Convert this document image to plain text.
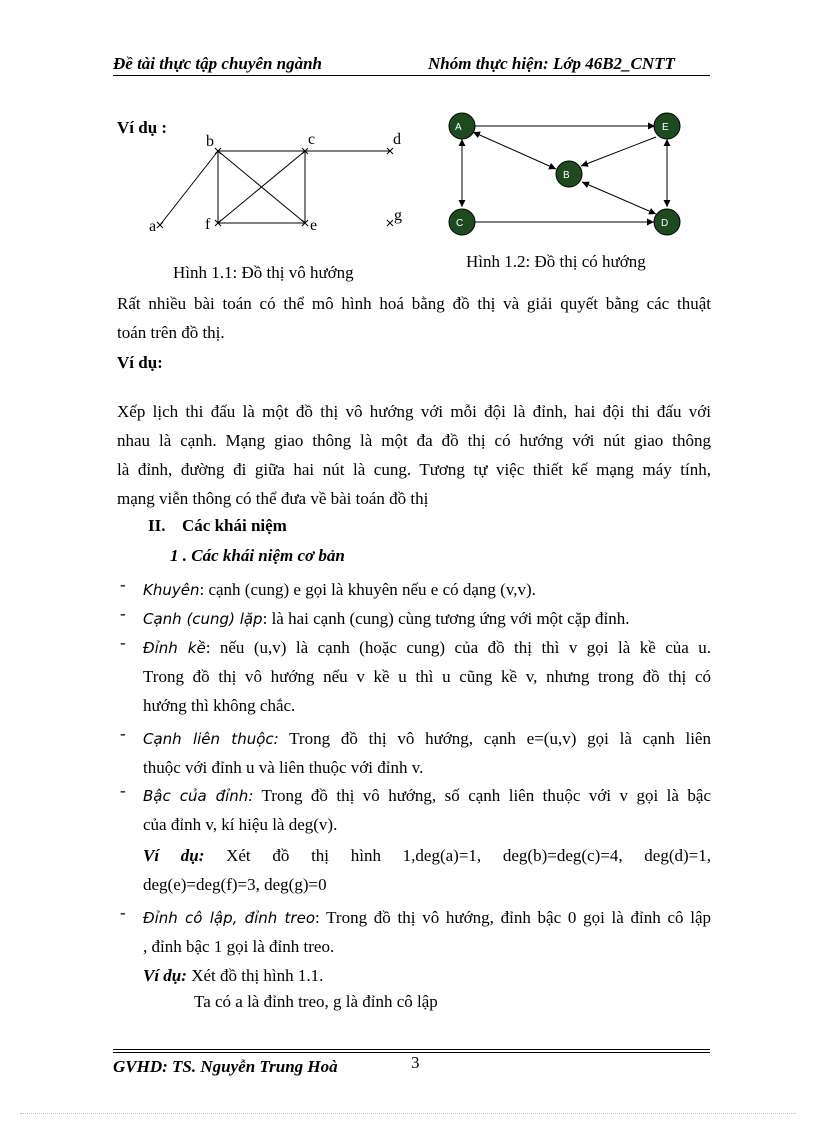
Đề tài thực tập chuyên ngành	Nhóm thực hiện: Lớp 46B2_CNTT
Ví dụ :
b	c	d
a	f	e
g
Hình 1.1: Đồ thị vô hướng
A	E
B
C	D
Hình 1.2: Đồ thị có hướng
Rất nhiều bài toán có thể mô hình hoá bằng đồ thị và giải quyết bằng các thuật
toán trên đồ thị.
Ví dụ:
Xếp lịch thi đấu là một đồ thị vô hướng với mỗi đội là đỉnh, hai đội thi đấu với
nhau là cạnh. Mạng giao thông là một đa đồ thị có hướng với nút giao thông
là đỉnh, đường đi giữa hai nút là cung. Tương tự việc thiết kế mạng máy tính,
mạng viễn thông có thể đưa về bài toán đồ thị
II. Các khái niệm
1 . Các khái niệm cơ bản
- Khuyên: cạnh (cung) e gọi là khuyên nếu e có dạng (v,v).
- Cạnh (cung) lặp: là hai cạnh (cung) cùng tương ứng với một cặp đỉnh.
- Đỉnh kề: nếu (u,v) là cạnh (hoặc cung) của đồ thị thì v gọi là kề của u.
Trong đồ thị vô hướng nếu v kề u thì u cũng kề v, nhưng trong đồ thị có
hướng thì không chắc.
- Cạnh liên thuộc: Trong đồ thị vô hướng, cạnh e=(u,v) gọi là cạnh liên
thuộc với đỉnh u và liên thuộc với đỉnh v.
- Bậc của đỉnh: Trong đồ thị vô hướng, số cạnh liên thuộc với v gọi là bậc
của đỉnh v, kí hiệu là deg(v).
Ví dụ: Xét đồ thị hình 1,deg(a)=1, deg(b)=deg(c)=4, deg(d)=1,
deg(e)=deg(f)=3, deg(g)=0
- Đỉnh cô lập, đỉnh treo: Trong đồ thị vô hướng, đỉnh bậc 0 gọi là đỉnh cô lập
, đỉnh bậc 1 gọi là đỉnh treo.
Ví dụ: Xét đồ thị hình 1.1.
Ta có a là đỉnh treo, g là đỉnh cô lập
GVHD: TS. Nguyễn Trung Hoà	3
